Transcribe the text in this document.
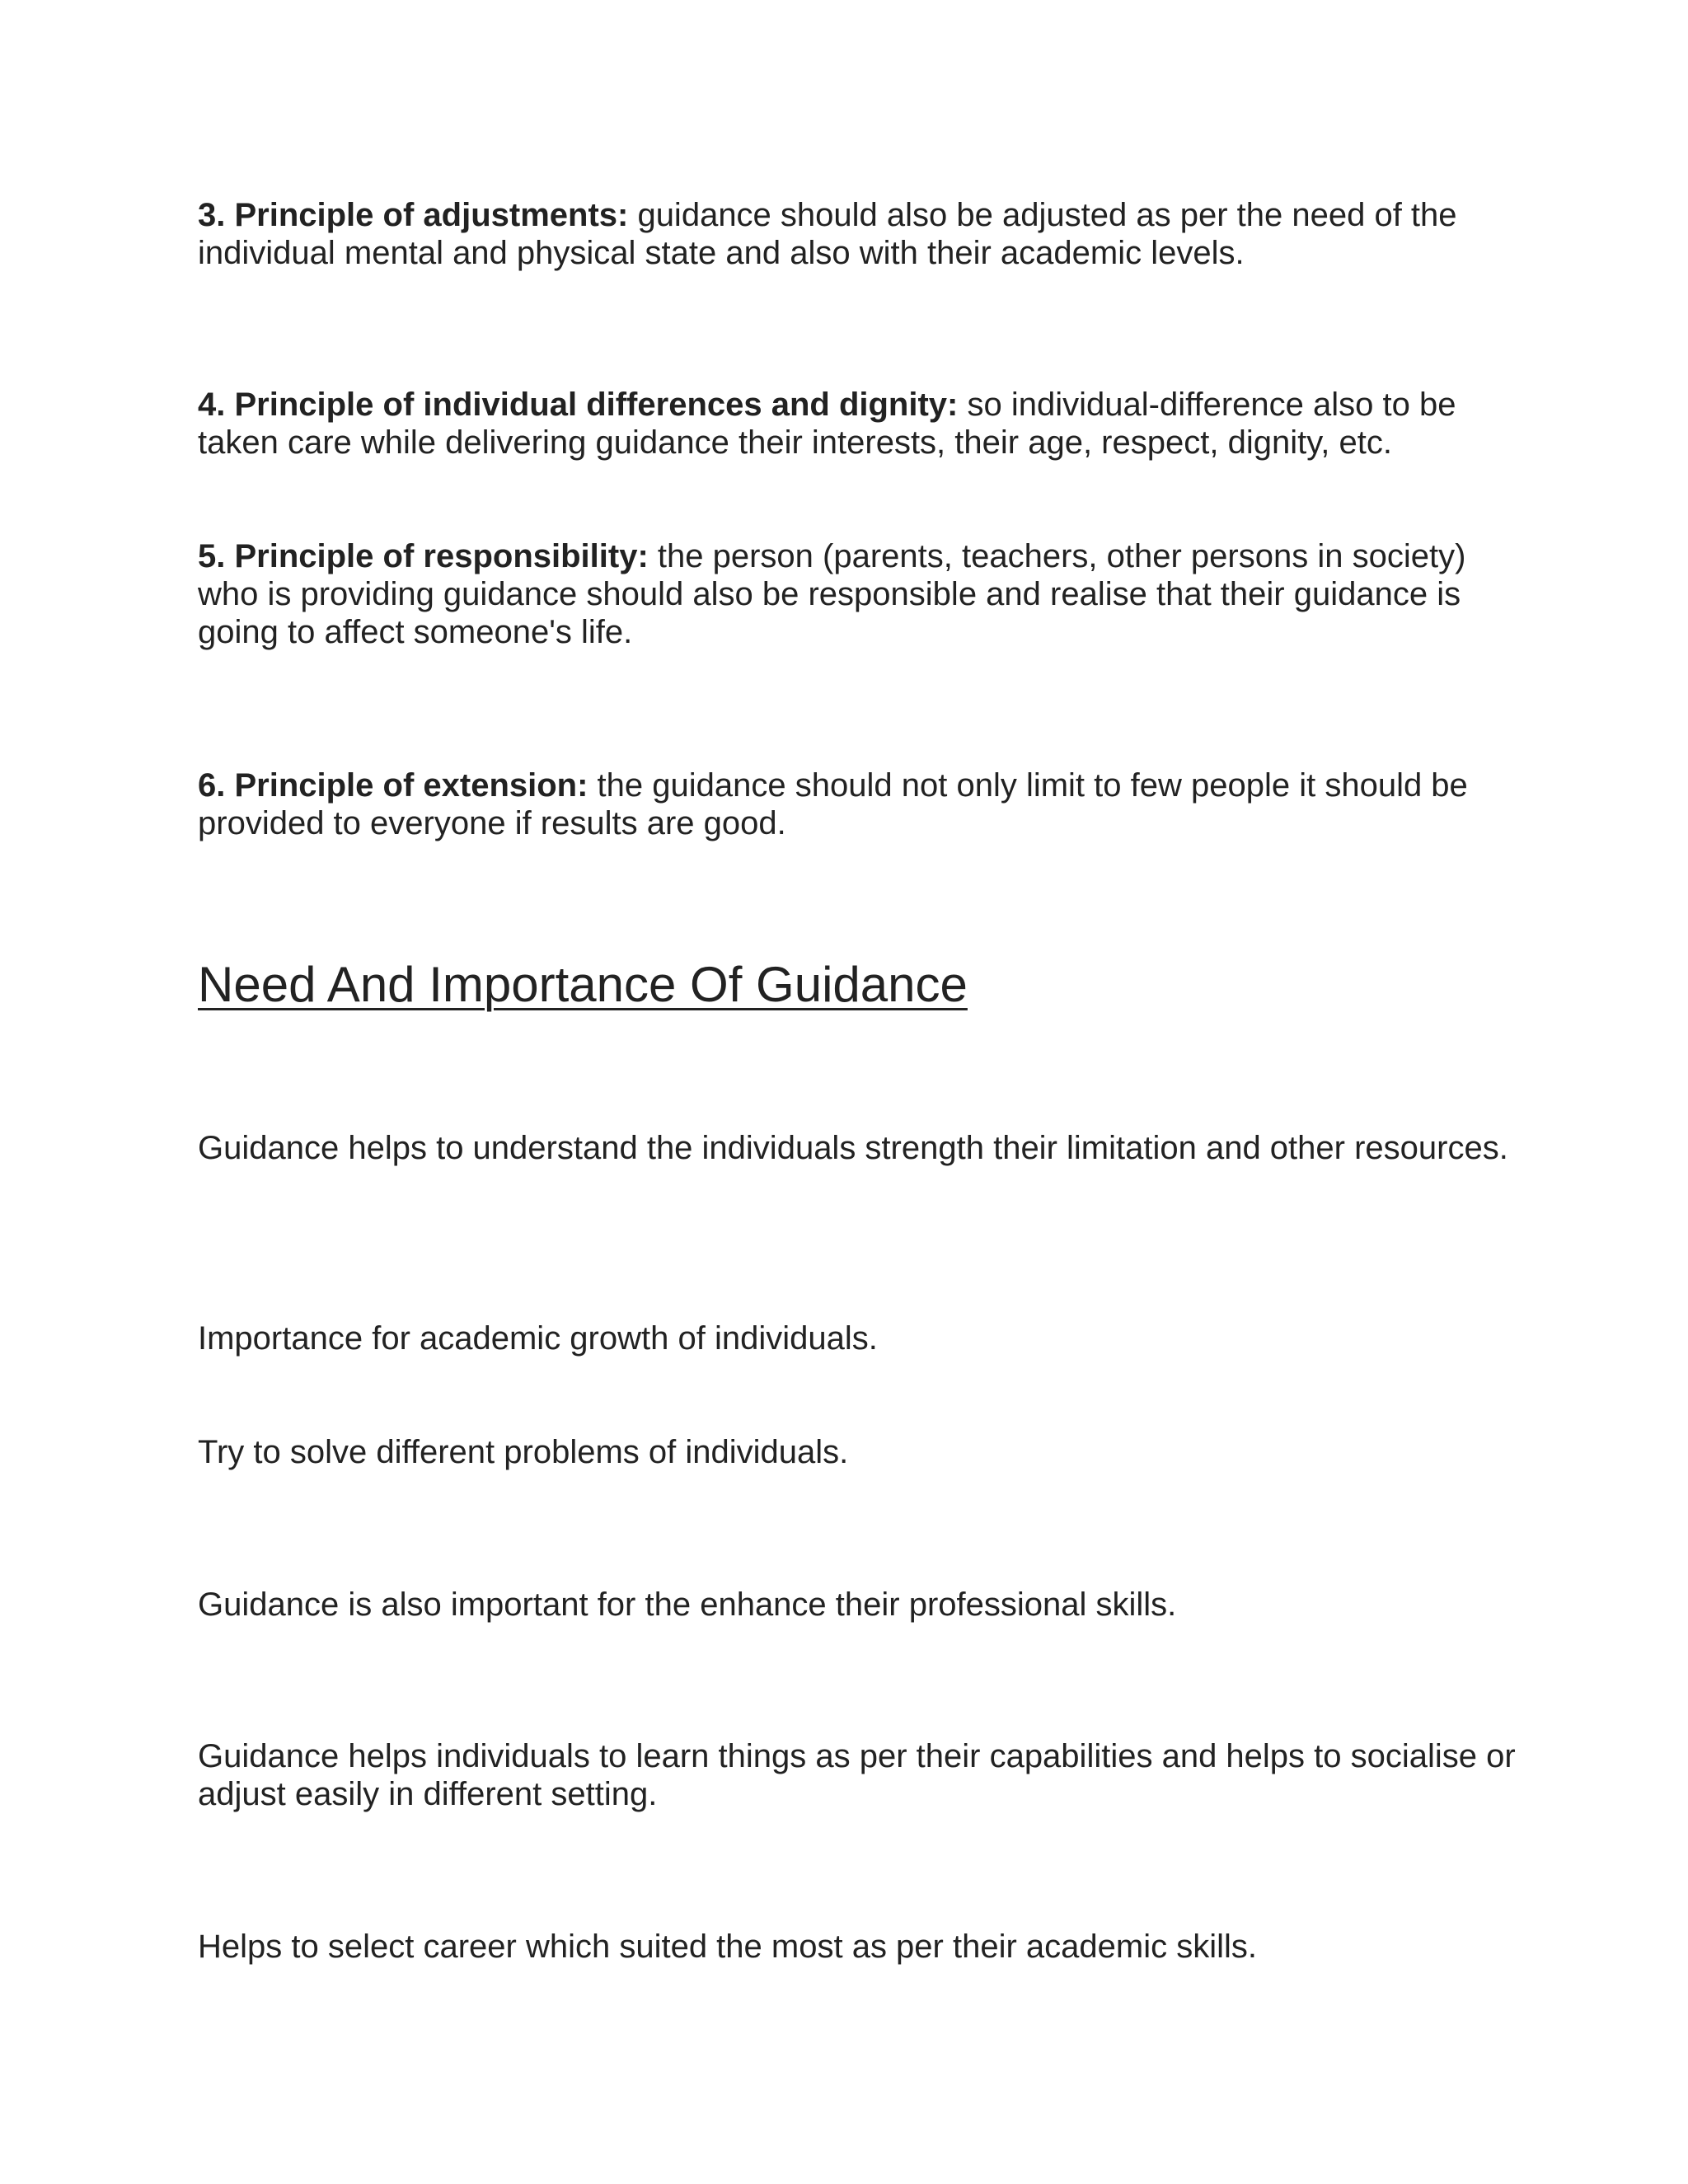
3. Principle of adjustments: guidance should also be adjusted as per the need of the individual mental and physical state and also with their academic levels.

4. Principle of individual differences and dignity: so individual-difference also to be taken care while delivering guidance their interests, their age, respect, dignity, etc.

5. Principle of responsibility: the person (parents, teachers, other persons in society) who is providing guidance should also be responsible and realise that their guidance is going to affect someone's life.

6. Principle of extension: the guidance should not only limit to few people it should be provided to everyone if results are good.

Need And Importance Of Guidance

Guidance helps to understand the individuals strength their limitation and other resources.

Importance for academic growth of individuals.

Try to solve different problems of individuals.

Guidance is also important for the enhance their professional skills.

Guidance helps individuals to learn things as per their capabilities and helps to socialise or adjust easily in different setting.

Helps to select career which suited the most as per their academic skills.
